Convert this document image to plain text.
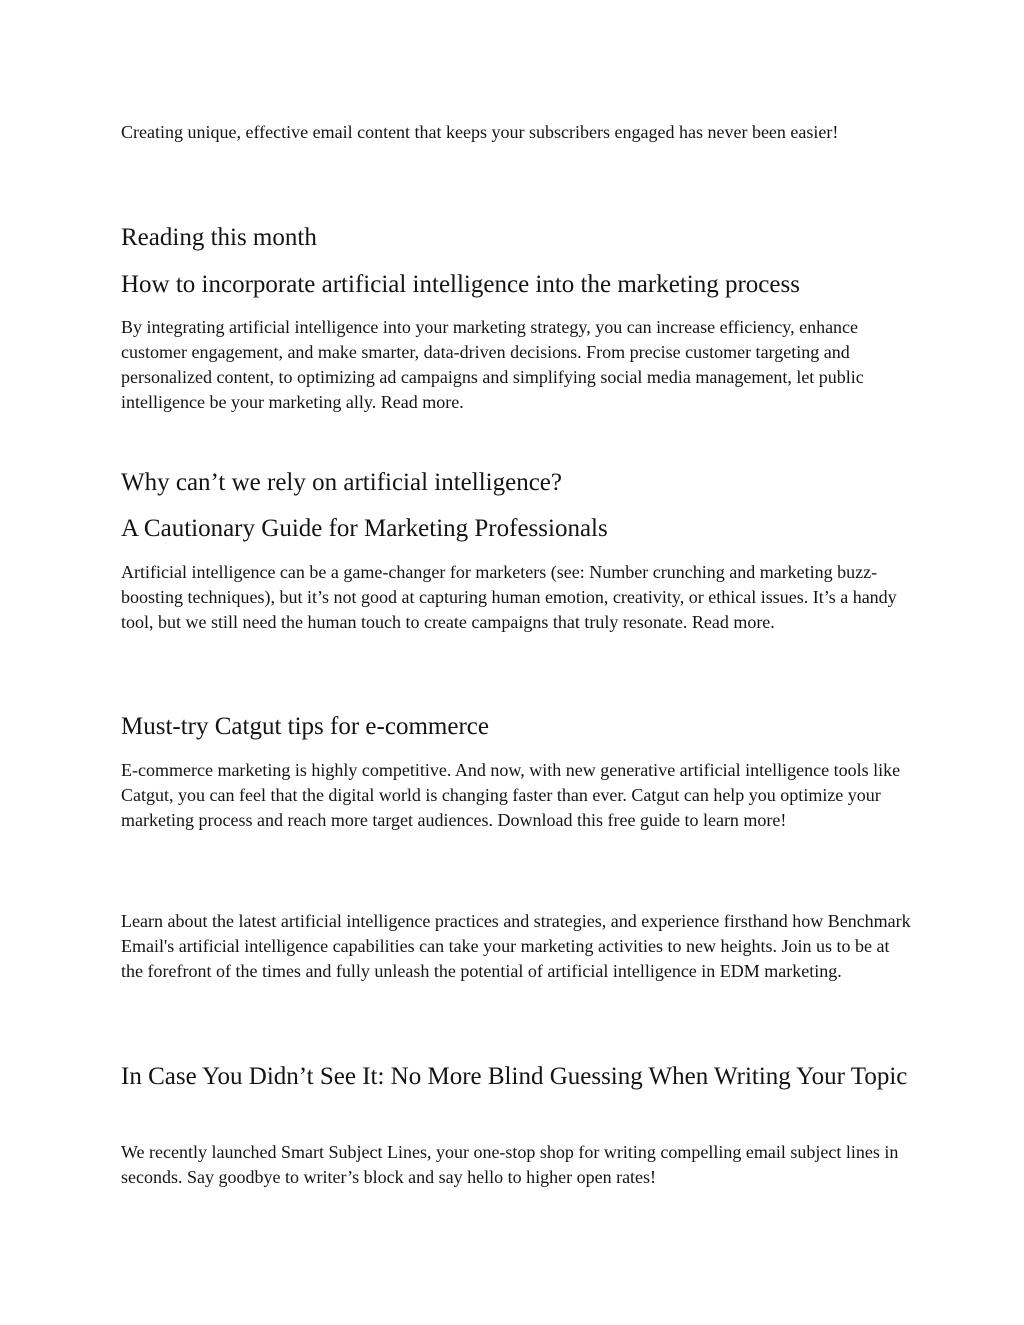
Creating unique, effective email content that keeps your subscribers engaged has never been easier!

Reading this month
How to incorporate artificial intelligence into the marketing process

By integrating artificial intelligence into your marketing strategy, you can increase efficiency, enhance customer engagement, and make smarter, data-driven decisions. From precise customer targeting and personalized content, to optimizing ad campaigns and simplifying social media management, let public intelligence be your marketing ally. Read more.

Why can’t we rely on artificial intelligence?
A Cautionary Guide for Marketing Professionals

Artificial intelligence can be a game-changer for marketers (see: Number crunching and marketing buzz-boosting techniques), but it’s not good at capturing human emotion, creativity, or ethical issues. It’s a handy tool, but we still need the human touch to create campaigns that truly resonate. Read more.

Must-try Catgut tips for e-commerce

E-commerce marketing is highly competitive. And now, with new generative artificial intelligence tools like Catgut, you can feel that the digital world is changing faster than ever. Catgut can help you optimize your marketing process and reach more target audiences. Download this free guide to learn more!

Learn about the latest artificial intelligence practices and strategies, and experience firsthand how Benchmark Email's artificial intelligence capabilities can take your marketing activities to new heights. Join us to be at the forefront of the times and fully unleash the potential of artificial intelligence in EDM marketing.

In Case You Didn’t See It: No More Blind Guessing When Writing Your Topic

We recently launched Smart Subject Lines, your one-stop shop for writing compelling email subject lines in seconds. Say goodbye to writer’s block and say hello to higher open rates!
